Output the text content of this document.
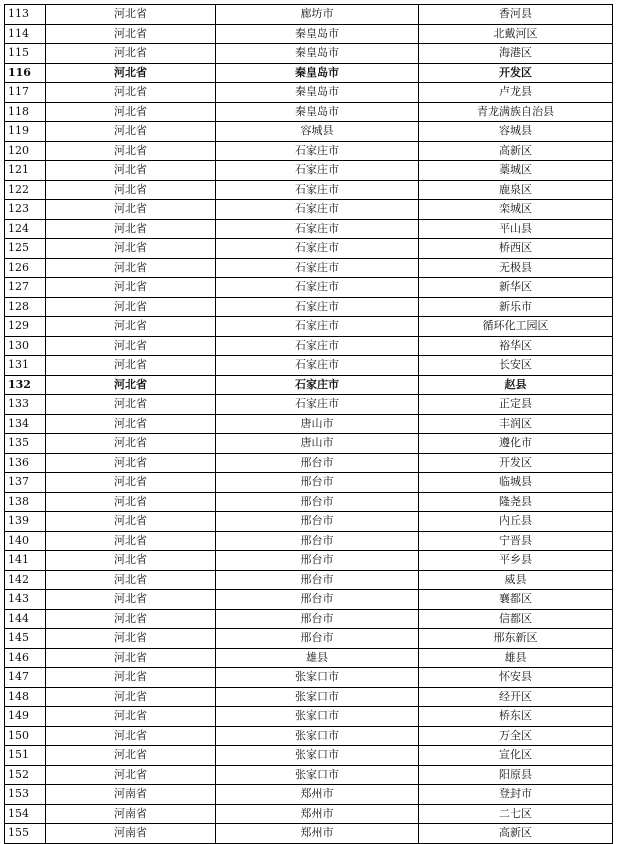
113	河北省	廊坊市	香河县
114	河北省	秦皇岛市	北戴河区
115	河北省	秦皇岛市	海港区
116	河北省	秦皇岛市	开发区
117	河北省	秦皇岛市	卢龙县
118	河北省	秦皇岛市	青龙满族自治县
119	河北省	容城县	容城县
120	河北省	石家庄市	高新区
121	河北省	石家庄市	藁城区
122	河北省	石家庄市	鹿泉区
123	河北省	石家庄市	栾城区
124	河北省	石家庄市	平山县
125	河北省	石家庄市	桥西区
126	河北省	石家庄市	无极县
127	河北省	石家庄市	新华区
128	河北省	石家庄市	新乐市
129	河北省	石家庄市	循环化工园区
130	河北省	石家庄市	裕华区
131	河北省	石家庄市	长安区
132	河北省	石家庄市	赵县
133	河北省	石家庄市	正定县
134	河北省	唐山市	丰润区
135	河北省	唐山市	遵化市
136	河北省	邢台市	开发区
137	河北省	邢台市	临城县
138	河北省	邢台市	隆尧县
139	河北省	邢台市	内丘县
140	河北省	邢台市	宁晋县
141	河北省	邢台市	平乡县
142	河北省	邢台市	威县
143	河北省	邢台市	襄都区
144	河北省	邢台市	信都区
145	河北省	邢台市	邢东新区
146	河北省	雄县	雄县
147	河北省	张家口市	怀安县
148	河北省	张家口市	经开区
149	河北省	张家口市	桥东区
150	河北省	张家口市	万全区
151	河北省	张家口市	宣化区
152	河北省	张家口市	阳原县
153	河南省	郑州市	登封市
154	河南省	郑州市	二七区
155	河南省	郑州市	高新区
